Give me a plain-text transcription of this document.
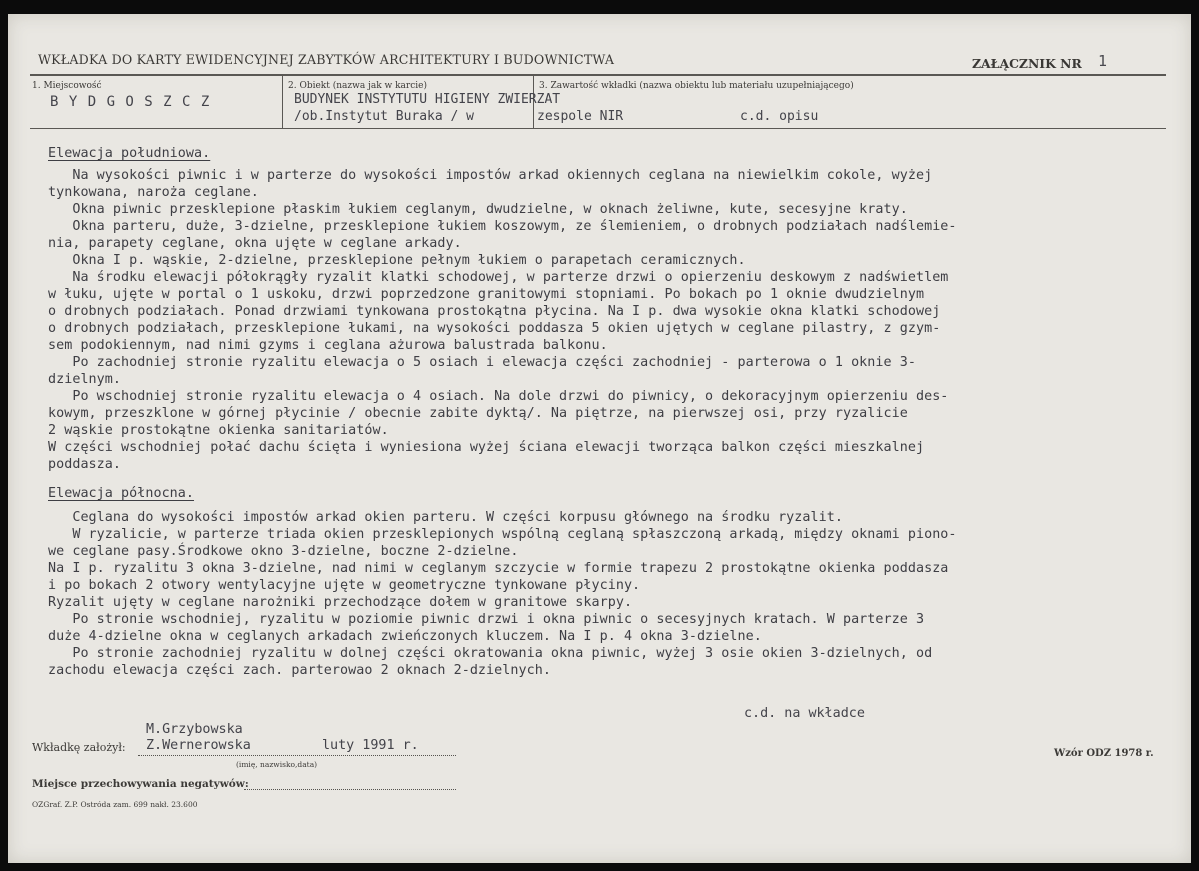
WKŁADKA DO KARTY EWIDENCYJNEJ ZABYTKÓW ARCHITEKTURY I BUDOWNICTWA	ZAŁĄCZNIK NR 1
1. Miejscowość
B Y D G O S Z C Z
2. Obiekt (nazwa jak w karcie)
BUDYNEK INSTYTUTU HIGIENY ZWIERZAT
/ob.Instytut Buraka / w
3. Zawartość wkładki (nazwa obiektu lub materiału uzupełniającego)
zespole NIR	c.d. opisu
Elewacja południowa.
Na wysokości piwnic i w parterze do wysokości impostów arkad okiennych ceglana na niewielkim cokole, wyżej
tynkowana, naroża ceglane.
Okna piwnic przesklepione płaskim łukiem ceglanym, dwudzielne, w oknach żeliwne, kute, secesyjne kraty.
Okna parteru, duże, 3-dzielne, przesklepione łukiem koszowym, ze ślemieniem, o drobnych podziałach nadślemie-
nia, parapety ceglane, okna ujęte w ceglane arkady.
Okna I p. wąskie, 2-dzielne, przesklepione pełnym łukiem o parapetach ceramicznych.
Na środku elewacji półokrągły ryzalit klatki schodowej, w parterze drzwi o opierzeniu deskowym z nadświetlem
w łuku, ujęte w portal o 1 uskoku, drzwi poprzedzone granitowymi stopniami. Po bokach po 1 oknie dwudzielnym
o drobnych podziałach. Ponad drzwiami tynkowana prostokątna płycina. Na I p. dwa wysokie okna klatki schodowej
o drobnych podziałach, przesklepione łukami, na wysokości poddasza 5 okien ujętych w ceglane pilastry, z gzym-
sem podokiennym, nad nimi gzyms i ceglana ażurowa balustrada balkonu.
Po zachodniej stronie ryzalitu elewacja o 5 osiach i elewacja części zachodniej - parterowa o 1 oknie 3-
dzielnym.
Po wschodniej stronie ryzalitu elewacja o 4 osiach. Na dole drzwi do piwnicy, o dekoracyjnym opierzeniu des-
kowym, przeszklone w górnej płycinie / obecnie zabite dyktą/. Na piętrze, na pierwszej osi, przy ryzalicie
2 wąskie prostokątne okienka sanitariatów.
W części wschodniej połać dachu ścięta i wyniesiona wyżej ściana elewacji tworząca balkon części mieszkalnej
poddasza.
Elewacja północna.
Ceglana do wysokości impostów arkad okien parteru. W części korpusu głównego na środku ryzalit.
W ryzalicie, w parterze triada okien przesklepionych wspólną ceglaną spłaszczoną arkadą, między oknami piono-
we ceglane pasy.Środkowe okno 3-dzielne, boczne 2-dzielne.
Na I p. ryzalitu 3 okna 3-dzielne, nad nimi w ceglanym szczycie w formie trapezu 2 prostokątne okienka poddasza
i po bokach 2 otwory wentylacyjne ujęte w geometryczne tynkowane płyciny.
Ryzalit ujęty w ceglane narożniki przechodzące dołem w granitowe skarpy.
Po stronie wschodniej, ryzalitu w poziomie piwnic drzwi i okna piwnic o secesyjnych kratach. W parterze 3
duże 4-dzielne okna w ceglanych arkadach zwieńczonych kluczem. Na I p. 4 okna 3-dzielne.
Po stronie zachodniej ryzalitu w dolnej części okratowania okna piwnic, wyżej 3 osie okien 3-dzielnych, od
zachodu elewacja części zach. parterowao 2 oknach 2-dzielnych.
c.d. na wkładce
M.Grzybowska
Wkładkę założył: Z.Wernerowska	luty 1991 r.
(imię, nazwisko,data)
Wzór ODZ 1978 r.
Miejsce przechowywania negatywów:
OZGraf. Z.P. Ostróda zam. 699 nakł. 23.600
